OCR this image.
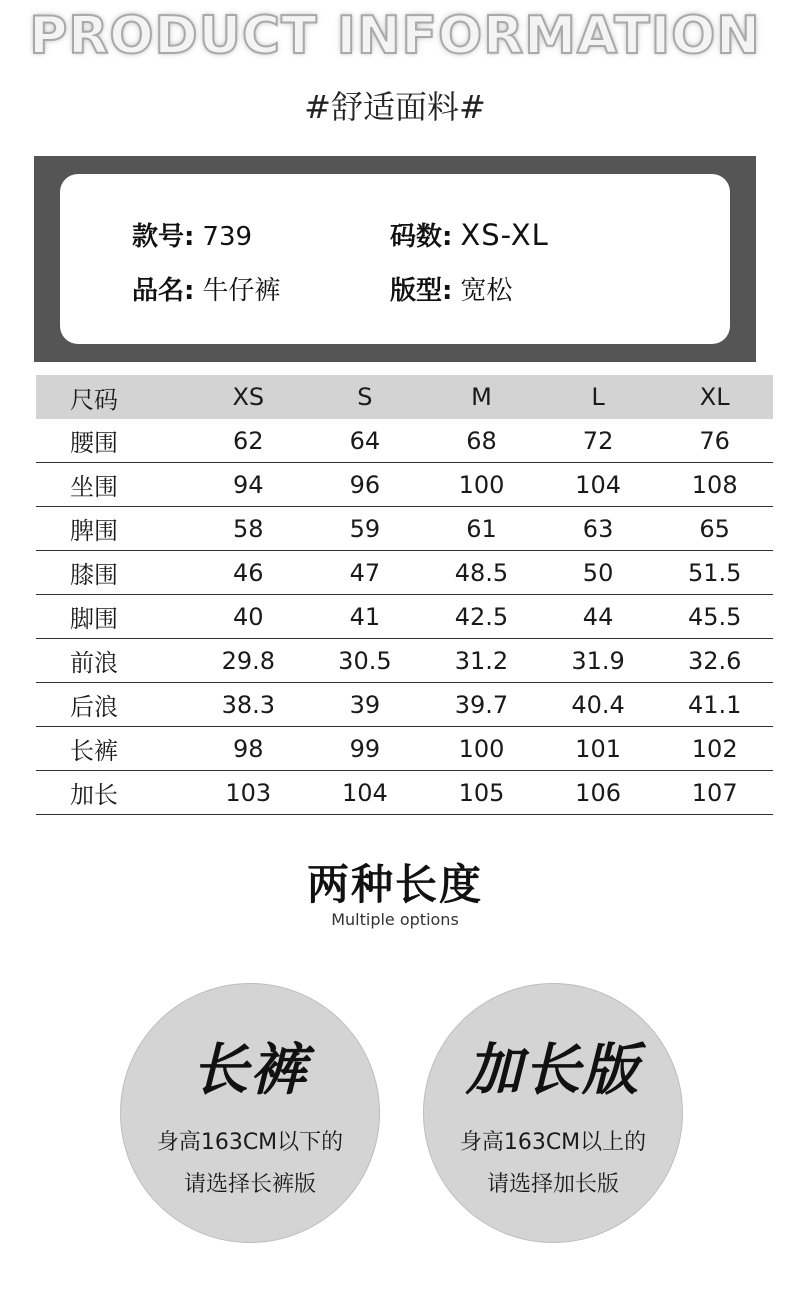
PRODUCT INFORMATION
#舒适面料#
款号: 739	码数: XS-XL
品名: 牛仔裤	版型: 宽松
尺码	XS	S	M	L	XL
腰围	62	64	68	72	76
坐围	94	96	100	104	108
脾围	58	59	61	63	65
膝围	46	47	48.5	50	51.5
脚围	40	41	42.5	44	45.5
前浪	29.8	30.5	31.2	31.9	32.6
后浪	38.3	39	39.7	40.4	41.1
长裤	98	99	100	101	102
加长	103	104	105	106	107
两种长度
Multiple options
长裤
身高163CM以下的
请选择长裤版
加长版
身高163CM以上的
请选择加长版
